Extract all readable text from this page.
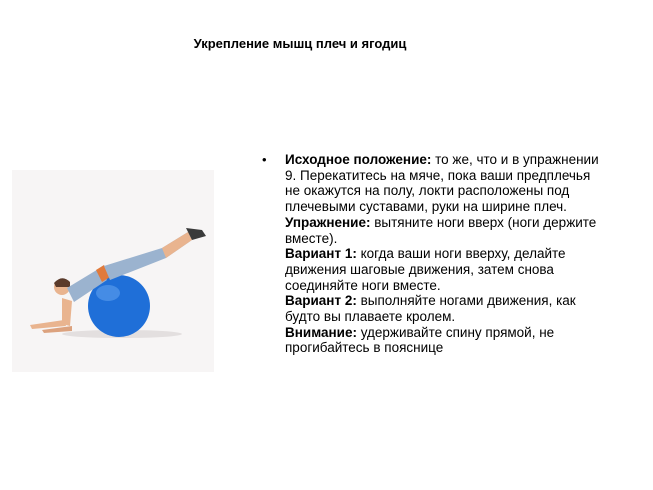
Укрепление мышц плеч и ягодиц
• Исходное положение: то же, что и в упражнении 9. Перекатитесь на мяче, пока ваши предплечья не окажутся на полу, локти расположены под плечевыми суставами, руки на ширине плеч.
Упражнение: вытяните ноги вверх (ноги держите вместе).
Вариант 1: когда ваши ноги вверху, делайте движения шаговые движения, затем снова соединяйте ноги вместе.
Вариант 2: выполняйте ногами движения, как будто вы плаваете кролем.
Внимание: удерживайте спину прямой, не прогибайтесь в пояснице
